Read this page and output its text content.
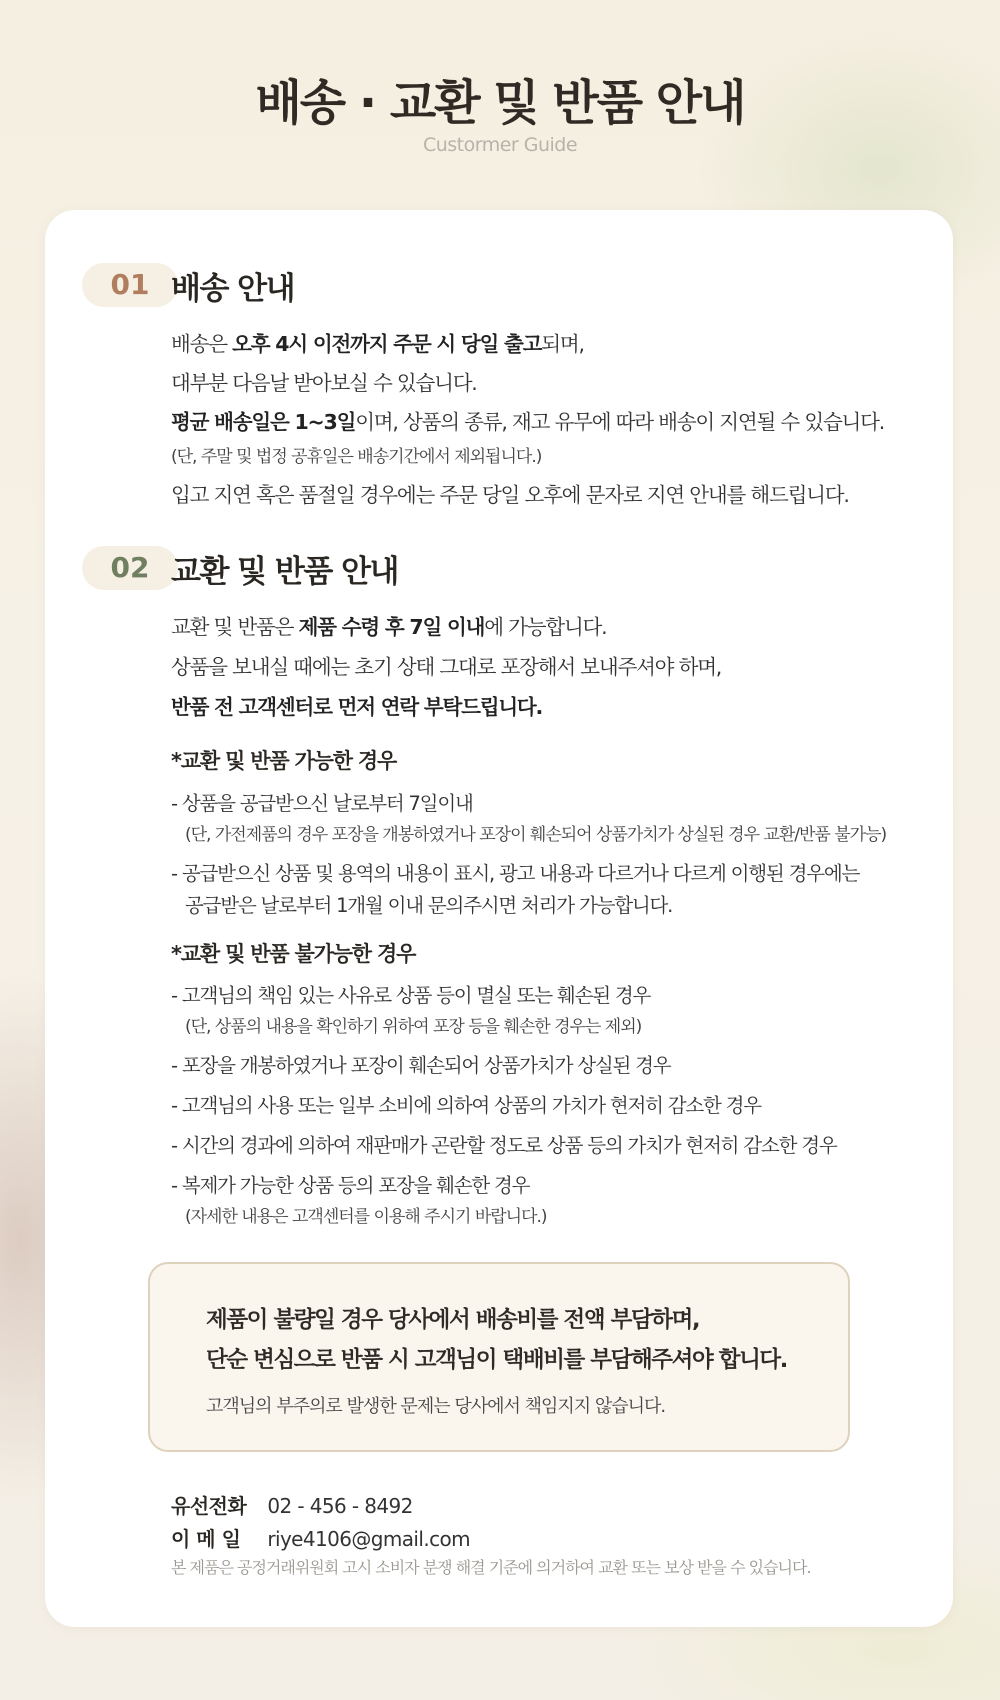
배송 · 교환 및 반품 안내
Custormer Guide
01 배송 안내
배송은 오후 4시 이전까지 주문 시 당일 출고되며,
대부분 다음날 받아보실 수 있습니다.
평균 배송일은 1~3일이며, 상품의 종류, 재고 유무에 따라 배송이 지연될 수 있습니다.
(단, 주말 및 법정 공휴일은 배송기간에서 제외됩니다.)
입고 지연 혹은 품절일 경우에는 주문 당일 오후에 문자로 지연 안내를 해드립니다.
02 교환 및 반품 안내
교환 및 반품은 제품 수령 후 7일 이내에 가능합니다.
상품을 보내실 때에는 초기 상태 그대로 포장해서 보내주셔야 하며,
반품 전 고객센터로 먼저 연락 부탁드립니다.
*교환 및 반품 가능한 경우
- 상품을 공급받으신 날로부터 7일이내
(단, 가전제품의 경우 포장을 개봉하였거나 포장이 훼손되어 상품가치가 상실된 경우 교환/반품 불가능)
- 공급받으신 상품 및 용역의 내용이 표시, 광고 내용과 다르거나 다르게 이행된 경우에는
공급받은 날로부터 1개월 이내 문의주시면 처리가 가능합니다.
*교환 및 반품 불가능한 경우
- 고객님의 책임 있는 사유로 상품 등이 멸실 또는 훼손된 경우
(단, 상품의 내용을 확인하기 위하여 포장 등을 훼손한 경우는 제외)
- 포장을 개봉하였거나 포장이 훼손되어 상품가치가 상실된 경우
- 고객님의 사용 또는 일부 소비에 의하여 상품의 가치가 현저히 감소한 경우
- 시간의 경과에 의하여 재판매가 곤란할 정도로 상품 등의 가치가 현저히 감소한 경우
- 복제가 가능한 상품 등의 포장을 훼손한 경우
(자세한 내용은 고객센터를 이용해 주시기 바랍니다.)
제품이 불량일 경우 당사에서 배송비를 전액 부담하며,
단순 변심으로 반품 시 고객님이 택배비를 부담해주셔야 합니다.
고객님의 부주의로 발생한 문제는 당사에서 책임지지 않습니다.
유선전화 02 - 456 - 8492
이 메 일 riye4106@gmail.com
본 제품은 공정거래위원회 고시 소비자 분쟁 해결 기준에 의거하여 교환 또는 보상 받을 수 있습니다.
